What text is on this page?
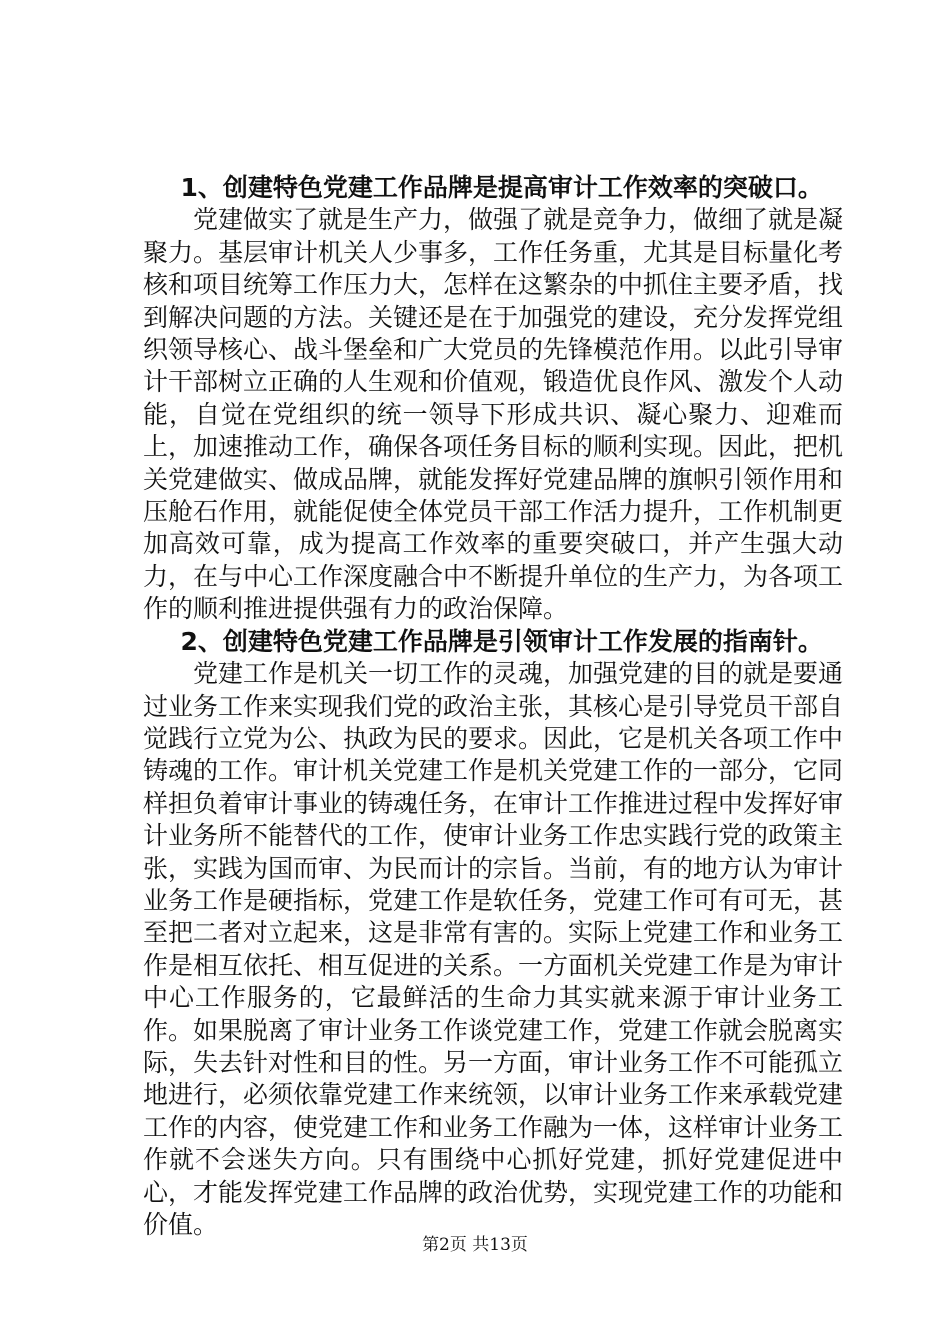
1、创建特色党建工作品牌是提高审计工作效率的突破口。

党建做实了就是生产力，做强了就是竞争力，做细了就是凝聚力。基层审计机关人少事多，工作任务重，尤其是目标量化考核和项目统筹工作压力大，怎样在这繁杂的中抓住主要矛盾，找到解决问题的方法。关键还是在于加强党的建设，充分发挥党组织领导核心、战斗堡垒和广大党员的先锋模范作用。以此引导审计干部树立正确的人生观和价值观，锻造优良作风、激发个人动能，自觉在党组织的统一领导下形成共识、凝心聚力、迎难而上，加速推动工作，确保各项任务目标的顺利实现。因此，把机关党建做实、做成品牌，就能发挥好党建品牌的旗帜引领作用和压舱石作用，就能促使全体党员干部工作活力提升，工作机制更加高效可靠，成为提高工作效率的重要突破口，并产生强大动力，在与中心工作深度融合中不断提升单位的生产力，为各项工作的顺利推进提供强有力的政治保障。

2、创建特色党建工作品牌是引领审计工作发展的指南针。

党建工作是机关一切工作的灵魂，加强党建的目的就是要通过业务工作来实现我们党的政治主张，其核心是引导党员干部自觉践行立党为公、执政为民的要求。因此，它是机关各项工作中铸魂的工作。审计机关党建工作是机关党建工作的一部分，它同样担负着审计事业的铸魂任务，在审计工作推进过程中发挥好审计业务所不能替代的工作，使审计业务工作忠实践行党的政策主张，实践为国而审、为民而计的宗旨。当前，有的地方认为审计业务工作是硬指标，党建工作是软任务，党建工作可有可无，甚至把二者对立起来，这是非常有害的。实际上党建工作和业务工作是相互依托、相互促进的关系。一方面机关党建工作是为审计中心工作服务的，它最鲜活的生命力其实就来源于审计业务工作。如果脱离了审计业务工作谈党建工作，党建工作就会脱离实际，失去针对性和目的性。另一方面，审计业务工作不可能孤立地进行，必须依靠党建工作来统领，以审计业务工作来承载党建工作的内容，使党建工作和业务工作融为一体，这样审计业务工作就不会迷失方向。只有围绕中心抓好党建，抓好党建促进中心，才能发挥党建工作品牌的政治优势，实现党建工作的功能和价值。

第2页 共13页
